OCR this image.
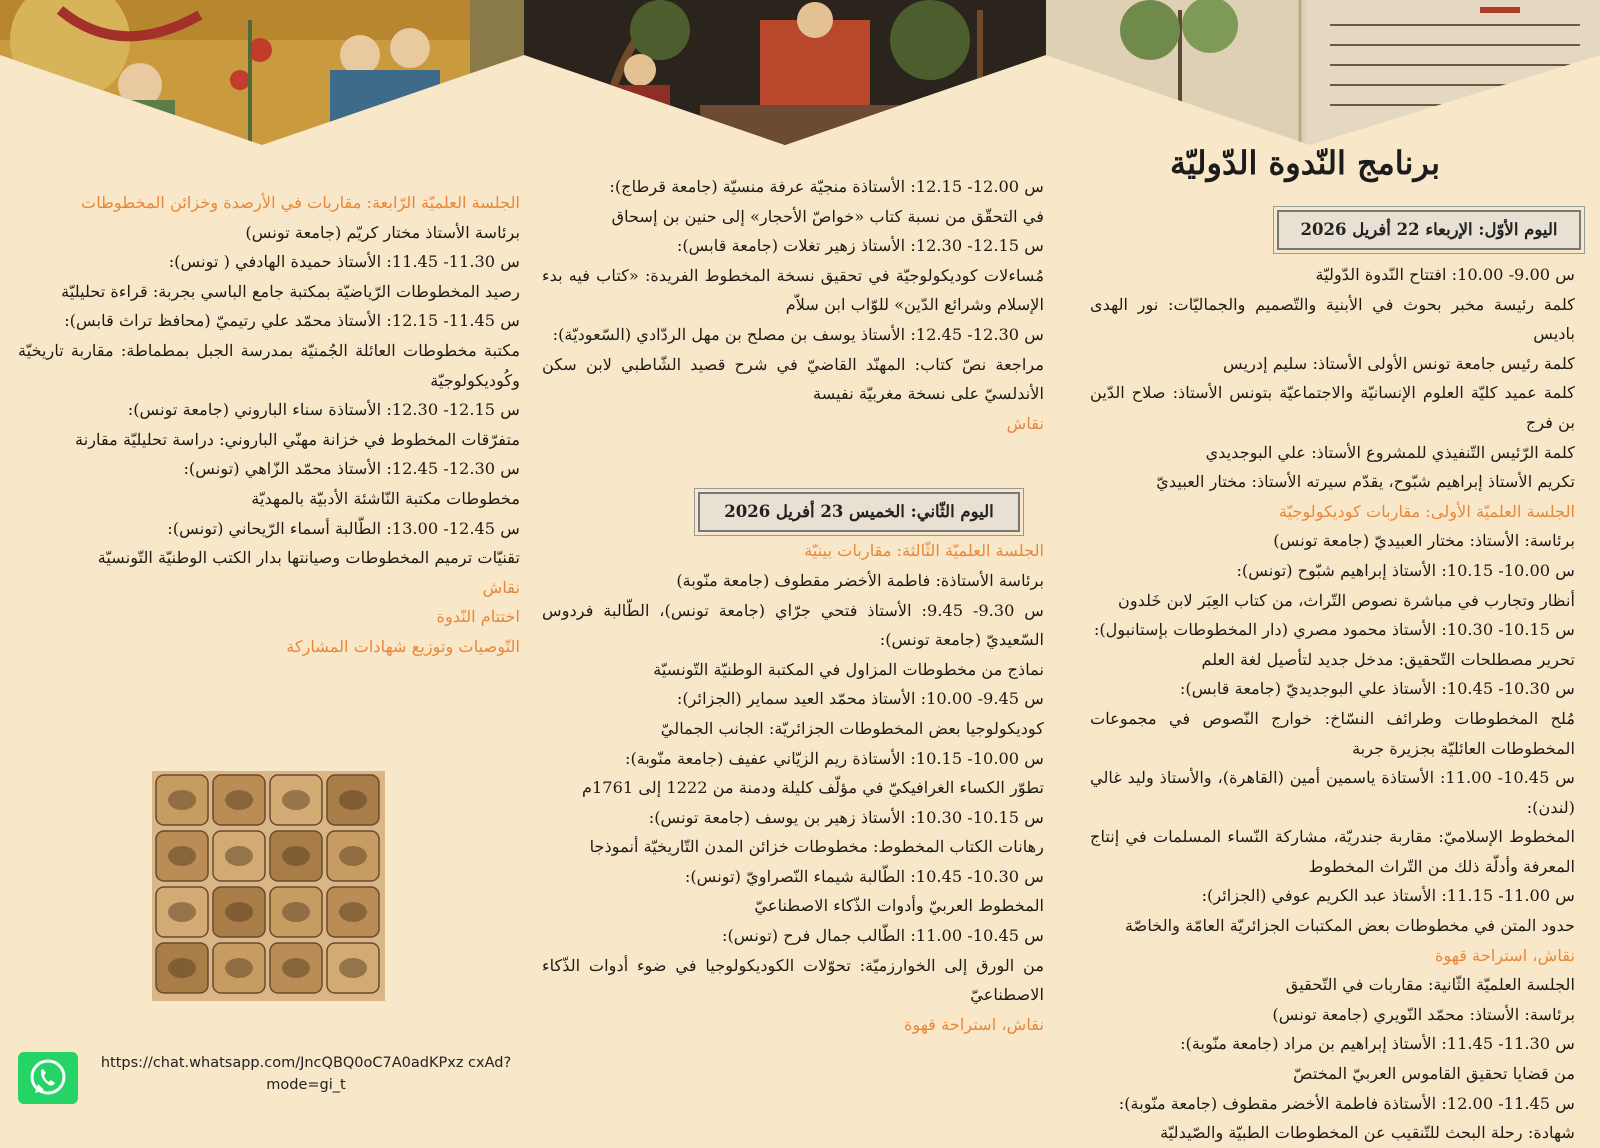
برنامج النّدوة الدّوليّة
اليوم الأوّل: الإربعاء 22 أفريل 2026
اليوم الثّاني: الخميس 23 أفريل 2026

س 9.00- 10.00: افتتاح النّدوة الدّوليّة

كلمة رئيسة مخبر بحوث في الأبنية والتّصميم والجماليّات: نور الهدى باديس

كلمة رئيس جامعة تونس الأولى الأستاذ: سليم إدريس

كلمة عميد كليّة العلوم الإنسانيّة والاجتماعيّة بتونس الأستاذ: صلاح الدّين بن فرج

كلمة الرّئيس التّنفيذي للمشروع الأستاذ: علي البوجديدي

تكريم الأستاذ إبراهيم شبّوح، يقدّم سيرته الأستاذ: مختار العبيديّ

الجلسة العلميّة الأولى: مقاربات كوديكولوجيّة

برئاسة: الأستاذ: مختار العبيديّ (جامعة تونس)

س 10.00- 10.15: الأستاذ إبراهيم شبّوح (تونس):

أنظار وتجارب في مباشرة نصوص التّراث، من كتاب العِبَر لابن خَلدون

س 10.15- 10.30: الأستاذ محمود مصري (دار المخطوطات بإستانبول):

تحرير مصطلحات التّحقيق: مدخل جديد لتأصيل لغة العلم

س 10.30- 10.45: الأستاذ علي البوجديديّ (جامعة قابس):

مُلح المخطوطات وطرائف النسّاخ: خوارج النّصوص في مجموعات المخطوطات العائليّة بجزيرة جربة

س 10.45- 11.00: الأستاذة ياسمين أمين (القاهرة)، والأستاذ وليد غالي (لندن):

المخطوط الإسلاميّ: مقاربة جندريّة، مشاركة النّساء المسلمات في إنتاج المعرفة وأدلّة ذلك من التّراث المخطوط

س 11.00- 11.15: الأستاذ عبد الكريم عوفي (الجزائر):

حدود المتن في مخطوطات بعض المكتبات الجزائريّة العامّة والخاصّة

نقاش، استراحة قهوة

الجلسة العلميّة الثّانية: مقاربات في التّحقيق

برئاسة: الأستاذ: محمّد النّويري (جامعة تونس)

س 11.30- 11.45: الأستاذ إبراهيم بن مراد (جامعة منّوبة):

من قضايا تحقيق القاموس العربيّ المختصّ

س 11.45- 12.00: الأستاذة فاطمة الأخضر مقطوف (جامعة منّوبة):

شهادة: رحلة البحث للتّنقيب عن المخطوطات الطبيّة والصّيدليّة

س 12.00- 12.15: الأستاذة منجيّة عرفة منسيّة (جامعة قرطاج):

في التحقّق من نسبة كتاب «خواصّ الأحجار» إلى حنين بن إسحاق

س 12.15- 12.30: الأستاذ زهير تغلات (جامعة قابس):

مُساءلات كوديكولوجيّة في تحقيق نسخة المخطوط الفريدة: «كتاب فيه بدء الإسلام وشرائع الدّين» للوّاب ابن سلاّم

س 12.30- 12.45: الأستاذ يوسف بن مصلح بن مهل الردّادي (السّعوديّة):

مراجعة نصّ كتاب: المهنّد القاضيّ في شرح قصيد الشّاطبي لابن سكن الأندلسيّ على نسخة مغربيّة نفيسة

نقاش

الجلسة العلميّة الثّالثة: مقاربات بينيّة

برئاسة الأستاذة: فاطمة الأخضر مقطوف (جامعة منّوبة)

س 9.30- 9.45: الأستاذ فتحي جرّاي (جامعة تونس)، الطّالبة فردوس السّعيديّ (جامعة تونس):

نماذج من مخطوطات المزاول في المكتبة الوطنيّة التّونسيّة

س 9.45- 10.00: الأستاذ محمّد العيد سماير (الجزائر):

كوديكولوجيا بعض المخطوطات الجزائريّة: الجانب الجماليّ

س 10.00- 10.15: الأستاذة ريم الزيّاني عفيف (جامعة منّوبة):

تطوّر الكساء الغرافيكيّ في مؤلّف كليلة ودمنة من 1222 إلى 1761م

س 10.15- 10.30: الأستاذ زهير بن يوسف (جامعة تونس):

رهانات الكتاب المخطوط: مخطوطات خزائن المدن التّاريخيّة أنموذجا

س 10.30- 10.45: الطّالبة شيماء النّصراويّ (تونس):

المخطوط العربيّ وأدوات الذّكاء الاصطناعيّ

س 10.45- 11.00: الطّالب جمال فرح (تونس):

من الورق إلى الخوارزميّة: تحوّلات الكوديكولوجيا في ضوء أدوات الذّكاء الاصطناعيّ

نقاش، استراحة قهوة

الجلسة العلميّة الرّابعة: مقاربات في الأرصدة وخزائن المخطوطات

برئاسة الأستاذ مختار كريّم (جامعة تونس)

س 11.30- 11.45: الأستاذ حميدة الهادفي ( تونس):

رصيد المخطوطات الرّياضيّة بمكتبة جامع الباسي بجربة: قراءة تحليليّة

س 11.45- 12.15: الأستاذ محمّد علي رتيميّ (محافظ تراث قابس):

مكتبة مخطوطات العائلة الجُمنيّة بمدرسة الجبل بمطماطة: مقاربة تاريخيّة وكُوديكولوجيّة

س 12.15- 12.30: الأستاذة سناء الباروني (جامعة تونس):

متفرّقات المخطوط في خزانة مهنّي الباروني: دراسة تحليليّة مقارنة

س 12.30- 12.45: الأستاذ محمّد الزّاهي (تونس):

مخطوطات مكتبة النّاشئة الأدبيّة بالمهديّة

س 12.45- 13.00: الطّالبة أسماء الرّيحاني (تونس):

تقنيّات ترميم المخطوطات وصيانتها بدار الكتب الوطنيّة التّونسيّة

نقاش

اختتام النّدوة

التّوصيات وتوزيع شهادات المشاركة

https://chat.whatsapp.com/JncQBQ0oC7A0adKPxz cxAd?mode=gi_t
